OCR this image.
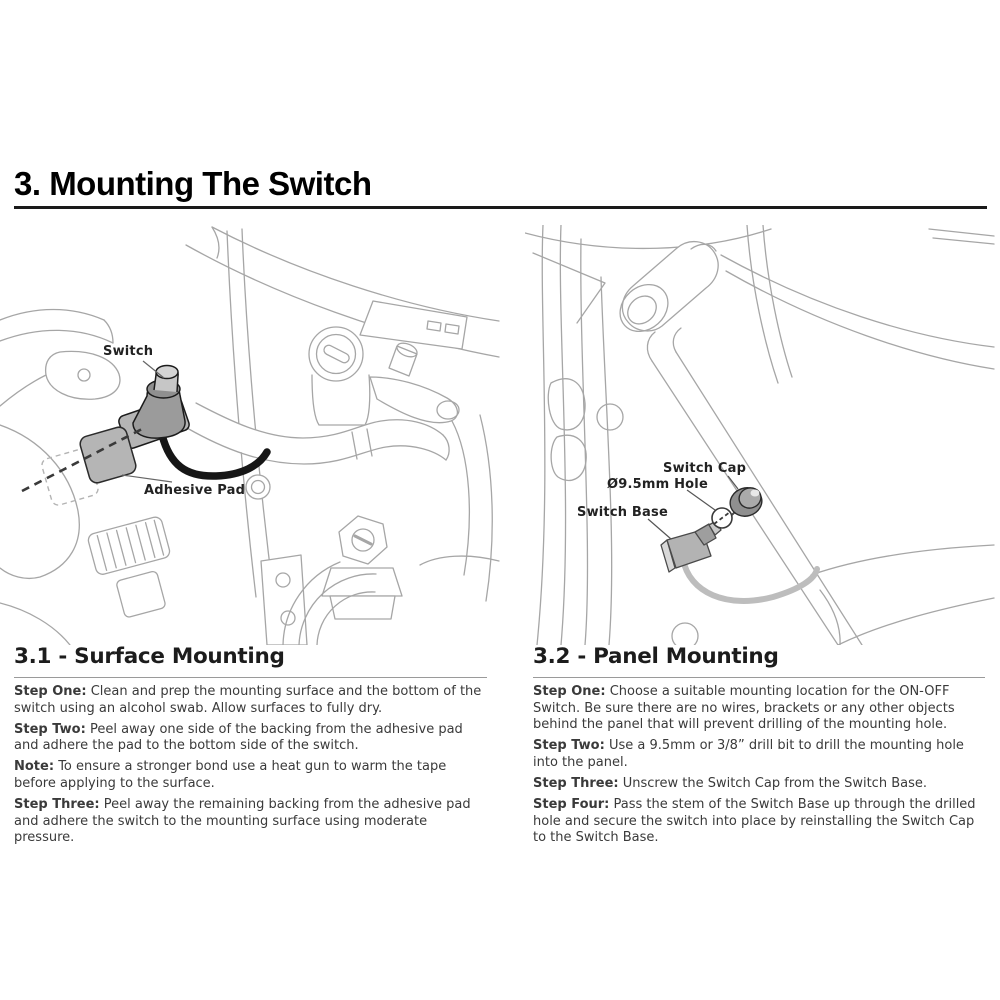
3. Mounting The Switch
Switch
Adhesive Pad
Switch Cap
Ø9.5mm Hole
Switch Base
3.1 - Surface Mounting

Step One: Clean and prep the mounting surface and the bottom of the switch using an alcohol swab. Allow surfaces to fully dry.

Step Two: Peel away one side of the backing from the adhesive pad and adhere the pad to the bottom side of the switch.

Note: To ensure a stronger bond use a heat gun to warm the tape before applying to the surface.

Step Three: Peel away the remaining backing from the adhesive pad and adhere the switch to the mounting surface using moderate pressure.

3.2 - Panel Mounting

Step One: Choose a suitable mounting location for the ON-OFF Switch. Be sure there are no wires, brackets or any other objects behind the panel that will prevent drilling of the mounting hole.

Step Two: Use a 9.5mm or 3/8” drill bit to drill the mounting hole into the panel.

Step Three: Unscrew the Switch Cap from the Switch Base.

Step Four: Pass the stem of the Switch Base up through the drilled hole and secure the switch into place by reinstalling the Switch Cap to the Switch Base.
